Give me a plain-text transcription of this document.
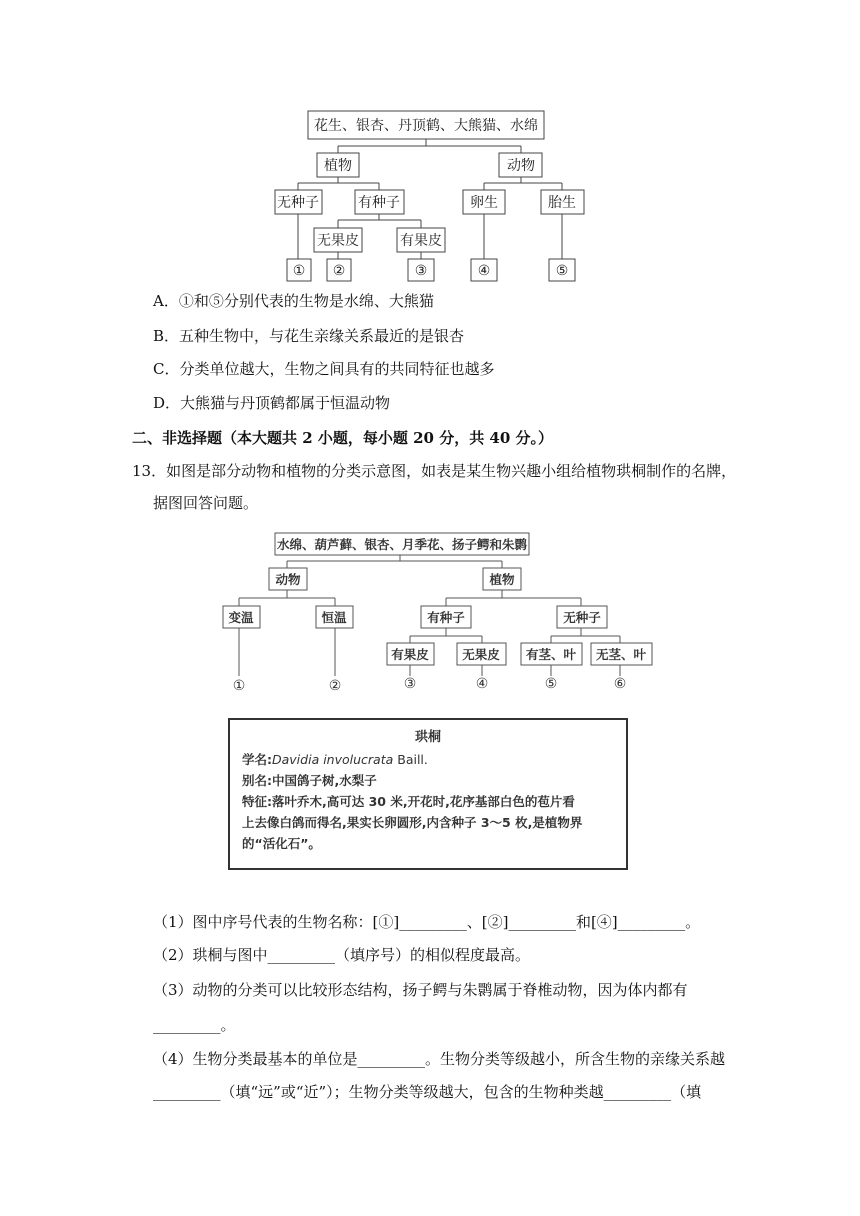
花生、银杏、丹顶鹤、大熊猫、水绵
植物	动物
无种子	有种子	卵生	胎生
无果皮	有果皮
① ②	③	④	⑤
A．①和⑤分别代表的生物是水绵、大熊猫
B．五种生物中，与花生亲缘关系最近的是银杏
C．分类单位越大，生物之间具有的共同特征也越多
D．大熊猫与丹顶鹤都属于恒温动物
二、非选择题（本大题共 2 小题，每小题 20 分，共 40 分。）
13．如图是部分动物和植物的分类示意图，如表是某生物兴趣小组给植物珙桐制作的名牌，
据图回答问题。
水绵、葫芦藓、银杏、月季花、扬子鳄和朱鹮
动物	植物
变温	恒温	有种子	无种子
有果皮	无果皮 有茎、叶 无茎、叶
①	②	③	④	⑤	⑥
珙桐
学名:Davidia involucrata Baill.
别名:中国鸽子树,水梨子
特征:落叶乔木,高可达 30 米,开花时,花序基部白色的苞片看
上去像白鸽而得名,果实长卵圆形,内含种子 3～5 枚,是植物界
的“活化石”。
（1）图中序号代表的生物名称：[①]_________、[②]_________和[④]_________。
（2）珙桐与图中_________（填序号）的相似程度最高。
（3）动物的分类可以比较形态结构，扬子鳄与朱鹮属于脊椎动物，因为体内都有
_________。
（4）生物分类最基本的单位是_________。生物分类等级越小，所含生物的亲缘关系越
_________（填“远”或“近”）；生物分类等级越大，包含的生物种类越_________（填
